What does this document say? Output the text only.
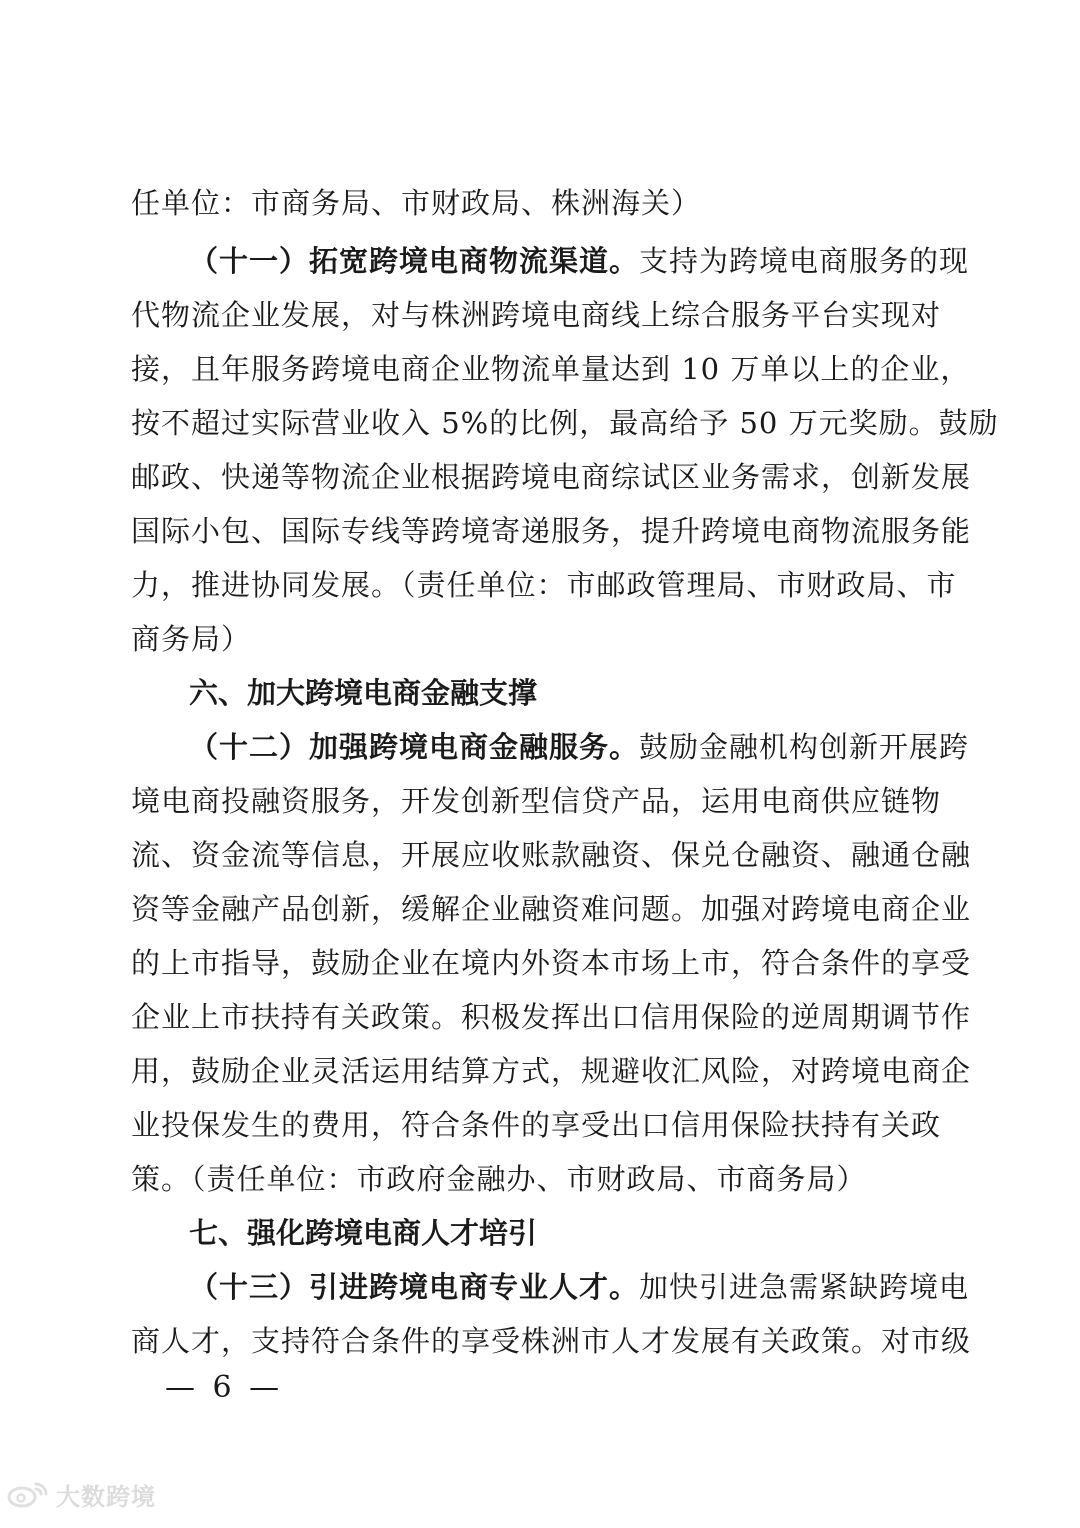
任单位：市商务局、市财政局、株洲海关）
（十一）拓宽跨境电商物流渠道。 支持为跨境电商服务的现
代物流企业发展，对与株洲跨境电商线上综合服务平台实现对
接，且年服务跨境电商企业物流单量达到 10 万单以上的企业，
按不超过实际营业收入 5%的比例，最高给予 50 万元奖励。鼓励
邮政、快递等物流企业根据跨境电商综试区业务需求，创新发展
国际小包、国际专线等跨境寄递服务，提升跨境电商物流服务能
力，推进协同发展。（责任单位：市邮政管理局、市财政局、市
商务局）
六、加大跨境电商金融支撑
（十二）加强跨境电商金融服务。 鼓励金融机构创新开展跨
境电商投融资服务，开发创新型信贷产品，运用电商供应链物
流、资金流等信息，开展应收账款融资、保兑仓融资、融通仓融
资等金融产品创新，缓解企业融资难问题。加强对跨境电商企业
的上市指导，鼓励企业在境内外资本市场上市，符合条件的享受
企业上市扶持有关政策。积极发挥出口信用保险的逆周期调节作
用，鼓励企业灵活运用结算方式，规避收汇风险，对跨境电商企
业投保发生的费用，符合条件的享受出口信用保险扶持有关政
策。（责任单位：市政府金融办、市财政局、市商务局）
七、强化跨境电商人才培引
（十三）引进跨境电商专业人才。 加快引进急需紧缺跨境电
商人才，支持符合条件的享受株洲市人才发展有关政策。对市级
— 6 —
大数跨境
